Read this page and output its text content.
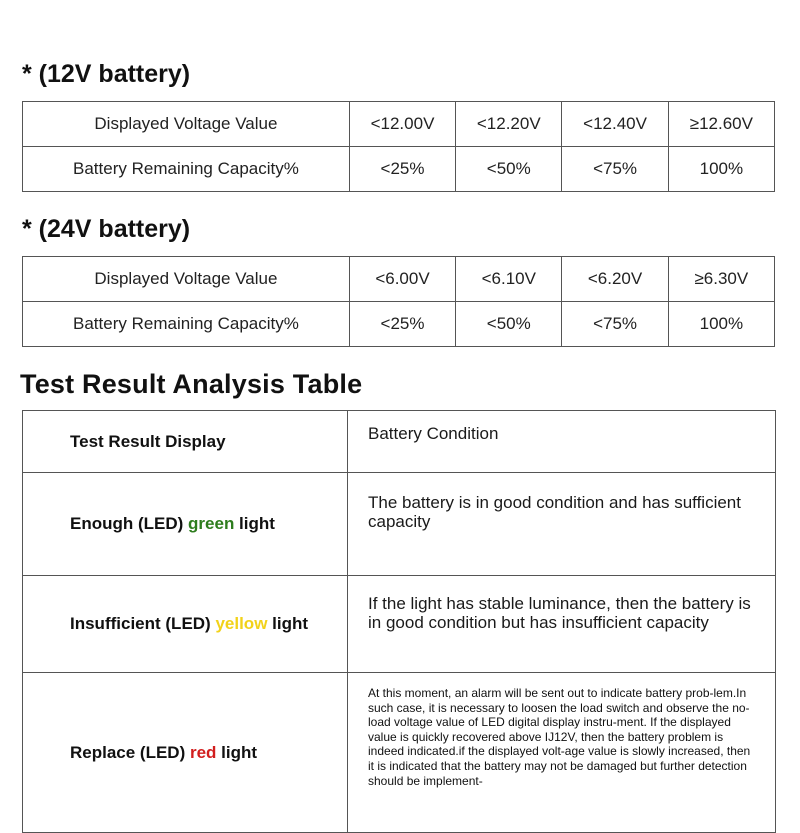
* (12V battery)
Displayed Voltage Value	<12.00V	<12.20V	<12.40V	≥12.60V
Battery Remaining Capacity%	<25%	<50%	<75%	100%
* (24V battery)
Displayed Voltage Value	<6.00V	<6.10V	<6.20V	≥6.30V
Battery Remaining Capacity%	<25%	<50%	<75%	100%
Test Result Analysis Table
Test Result Display	Battery Condition
Enough (LED) green light	The battery is in good condition and has sufficient capacity
Insufficient (LED) yellow light	If the light has stable luminance, then the battery is in good condition but has insufficient capacity
Replace (LED) red light	At this moment, an alarm will be sent out to indicate battery prob-lem.In such case, it is necessary to loosen the load switch and observe the no-load voltage value of LED digital display instru-ment. If the displayed value is quickly recovered above IJ12V, then the battery problem is indeed indicated.if the displayed volt-age value is slowly increased, then it is indicated that the battery may not be damaged but further detection should be implement-
